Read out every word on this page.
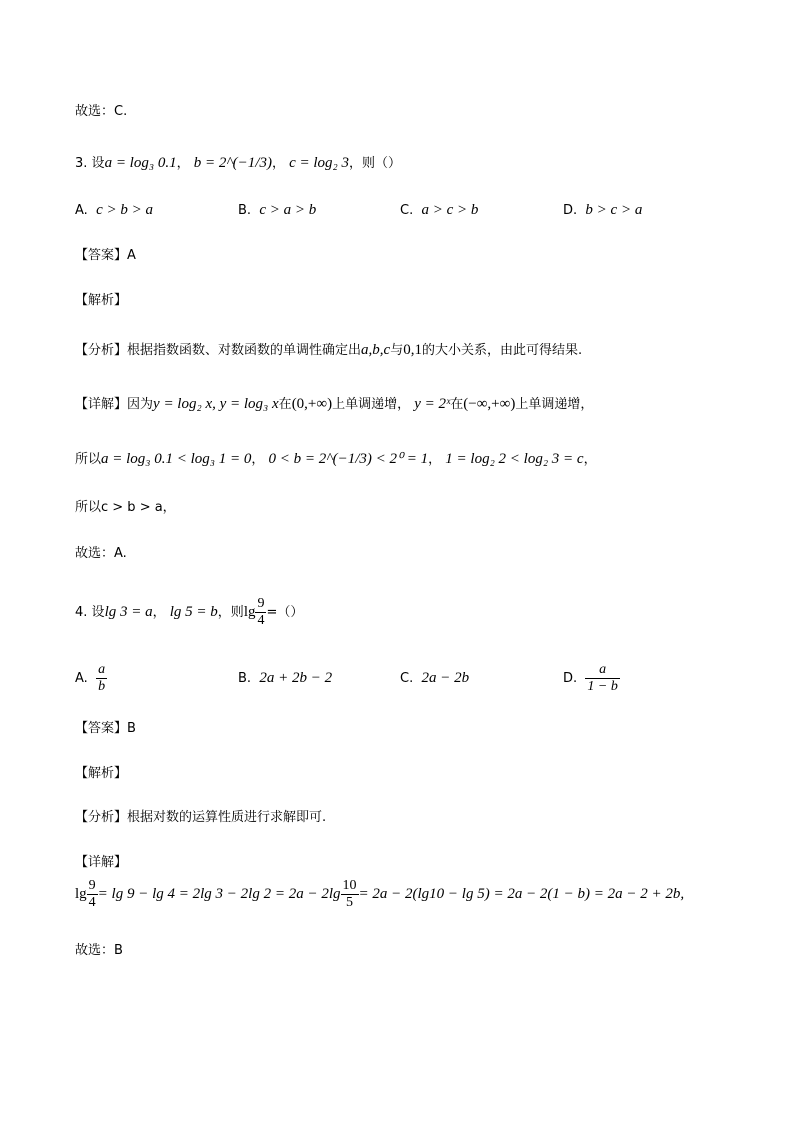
故选：C.
3. 设a = log₃ 0.1， b = 2^(−1/3)， c = log₂ 3，则（）
A. c > b > a	B. c > a > b	C. a > c > b	D. b > c > a
【答案】A
【解析】
【分析】根据指数函数、对数函数的单调性确定出a,b,c与0,1的大小关系，由此可得结果.
【详解】因为y = log₂ x, y = log₃ x在(0,+∞)上单调递增， y = 2ˣ在(−∞,+∞)上单调递增，
所以a = log₃ 0.1 < log₃ 1 = 0， 0 < b = 2^(−1/3) < 2⁰ = 1， 1 = log₂ 2 < log₂ 3 = c，
所以c > b > a，
故选：A.
4. 设lg 3 = a， lg 5 = b，则$\lg \frac{9}{4}$ =（）
A. $\frac{a}{b}$	B. 2a + 2b − 2	C. 2a − 2b	D. $\frac{a}{1 - b}$
【答案】B
【解析】
【分析】根据对数的运算性质进行求解即可.
【详解】
$\lg \frac{9}{4} = \lg 9 - \lg 4 = 2\lg$ 3 − 2lg $2 = 2a - 2\lg \frac{10}{5} = 2a - 2(\lg 10 - \lg 5) = 2a - 2(1 - b) = 2a - 2 + 2b$,
故选：B
